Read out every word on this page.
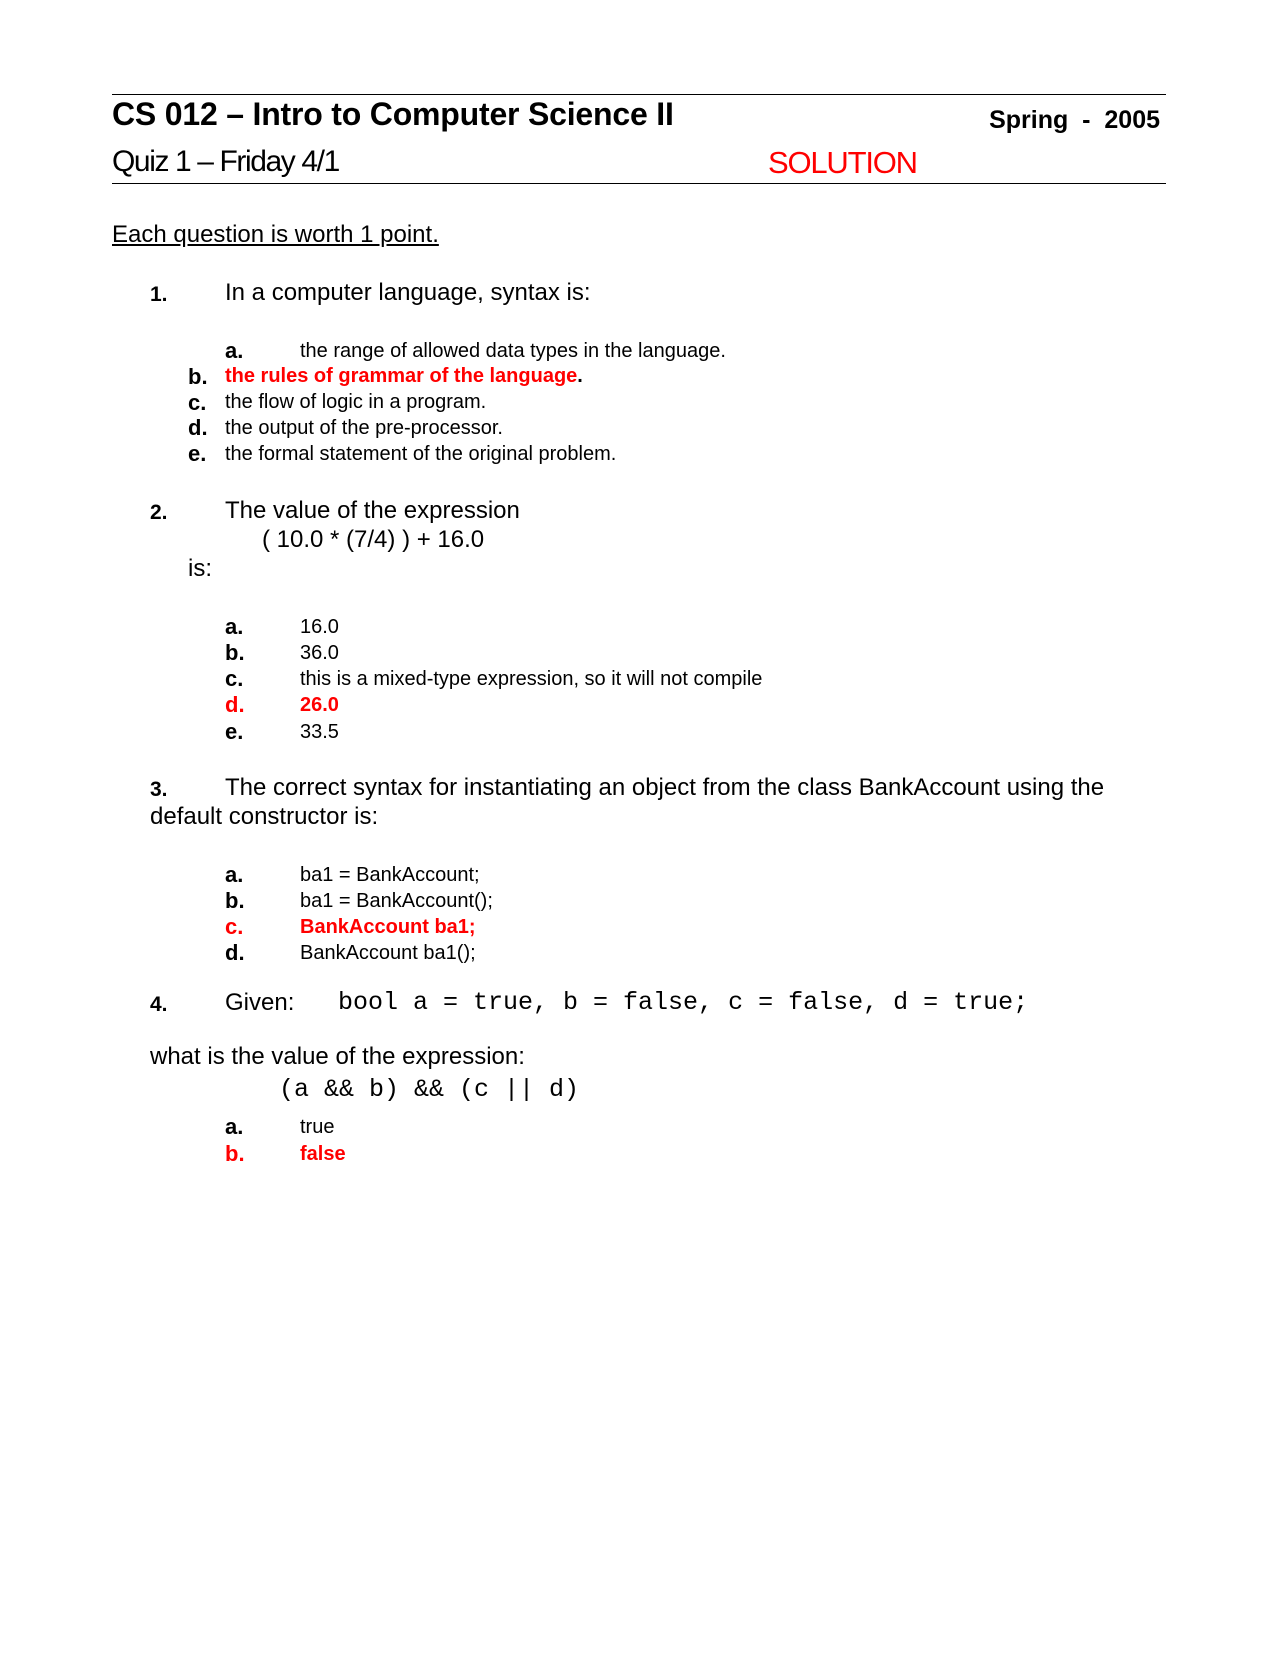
CS 012 – Intro to Computer Science II	Spring  -  2005
Quiz 1 – Friday 4/1	SOLUTION
Each question is worth 1 point.
1. In a computer language, syntax is:
a.	the range of allowed data types in the language.
b. the rules of grammar of the language.
c. the flow of logic in a program.
d. the output of the pre-processor.
e. the formal statement of the original problem.
2. The value of the expression
( 10.0 * (7/4) ) + 16.0
is:
a.	16.0
b.	36.0
c.	this is a mixed-type expression, so it will not compile
d.	26.0
e.	33.5
3. The correct syntax for instantiating an object from the class BankAccount using the
default constructor is:
a.	ba1 = BankAccount;
b.	ba1 = BankAccount();
c.	BankAccount ba1;
d.	BankAccount ba1();
4. Given: bool a = true, b = false, c = false, d = true;
what is the value of the expression:
(a && b) && (c || d)
a.	true
b.	false
